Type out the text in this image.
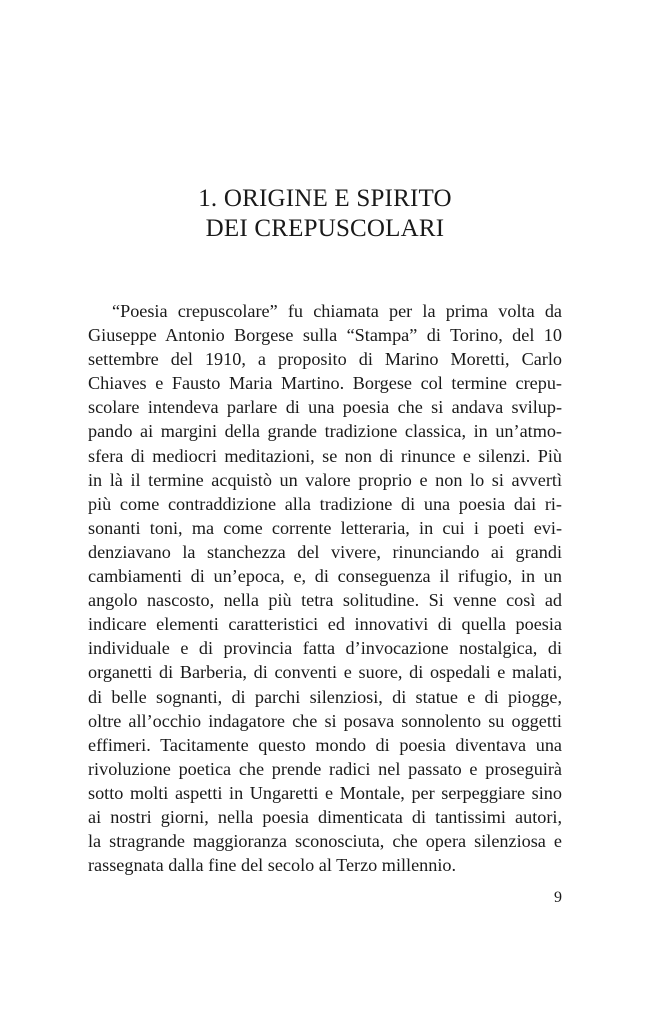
1. ORIGINE E SPIRITO
DEI CREPUSCOLARI
“Poesia crepuscolare” fu chiamata per la prima volta da
Giuseppe Antonio Borgese sulla “Stampa” di Torino, del 10
settembre del 1910, a proposito di Marino Moretti, Carlo
Chiaves e Fausto Maria Martino. Borgese col termine crepu-
scolare intendeva parlare di una poesia che si andava svilup-
pando ai margini della grande tradizione classica, in un’atmo-
sfera di mediocri meditazioni, se non di rinunce e silenzi. Più
in là il termine acquistò un valore proprio e non lo si avvertì
più come contraddizione alla tradizione di una poesia dai ri-
sonanti toni, ma come corrente letteraria, in cui i poeti evi-
denziavano la stanchezza del vivere, rinunciando ai grandi
cambiamenti di un’epoca, e, di conseguenza il rifugio, in un
angolo nascosto, nella più tetra solitudine. Si venne così ad
indicare elementi caratteristici ed innovativi di quella poesia
individuale e di provincia fatta d’invocazione nostalgica, di
organetti di Barberia, di conventi e suore, di ospedali e malati,
di belle sognanti, di parchi silenziosi, di statue e di piogge,
oltre all’occhio indagatore che si posava sonnolento su oggetti
effimeri. Tacitamente questo mondo di poesia diventava una
rivoluzione poetica che prende radici nel passato e proseguirà
sotto molti aspetti in Ungaretti e Montale, per serpeggiare sino
ai nostri giorni, nella poesia dimenticata di tantissimi autori,
la stragrande maggioranza sconosciuta, che opera silenziosa e
rassegnata dalla fine del secolo al Terzo millennio.
9
